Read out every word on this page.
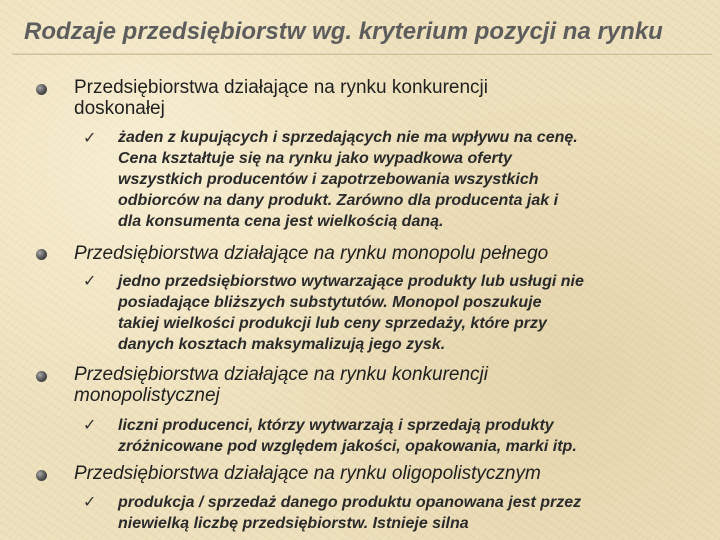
Rodzaje przedsiębiorstw wg. kryterium pozycji na rynku
Przedsiębiorstwa działające na rynku konkurencji
doskonałej
✓ żaden z kupujących i sprzedających nie ma wpływu na cenę.
Cena kształtuje się na rynku jako wypadkowa oferty
wszystkich producentów i zapotrzebowania wszystkich
odbiorców na dany produkt. Zarówno dla producenta jak i
dla konsumenta cena jest wielkością daną.
Przedsiębiorstwa działające na rynku monopolu pełnego
✓ jedno przedsiębiorstwo wytwarzające produkty lub usługi nie
posiadające bliższych substytutów. Monopol poszukuje
takiej wielkości produkcji lub ceny sprzedaży, które przy
danych kosztach maksymalizują jego zysk.
Przedsiębiorstwa działające na rynku konkurencji
monopolistycznej
✓ liczni producenci, którzy wytwarzają i sprzedają produkty
zróżnicowane pod względem jakości, opakowania, marki itp.
Przedsiębiorstwa działające na rynku oligopolistycznym
✓ produkcja / sprzedaż danego produktu opanowana jest przez
niewielką liczbę przedsiębiorstw. Istnieje silna
